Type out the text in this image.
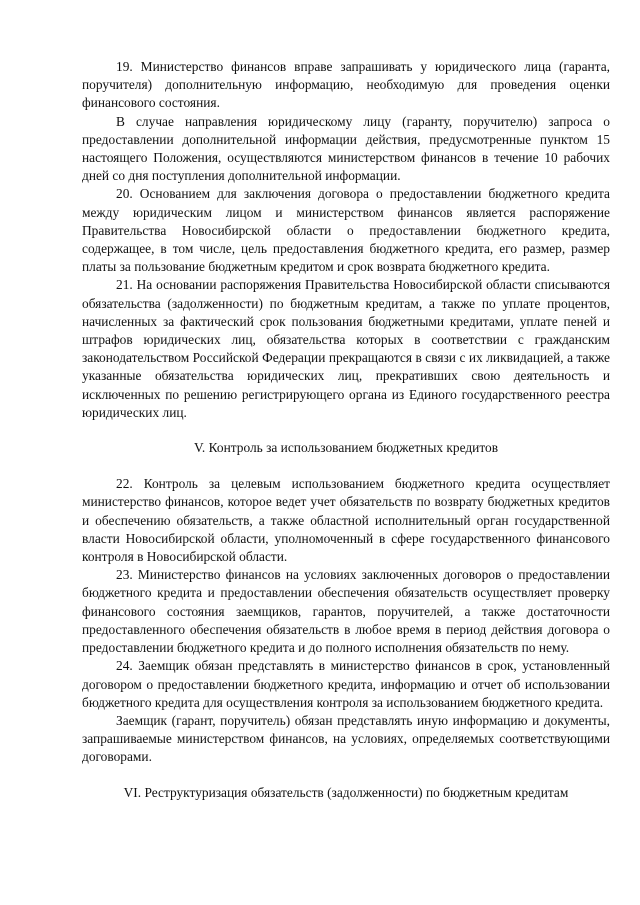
19. Министерство финансов вправе запрашивать у юридического лица (гаранта, поручителя) дополнительную информацию, необходимую для проведения оценки финансового состояния.

В случае направления юридическому лицу (гаранту, поручителю) запроса о предоставлении дополнительной информации действия, предусмотренные пунктом 15 настоящего Положения, осуществляются министерством финансов в течение 10 рабочих дней со дня поступления дополнительной информации.

20. Основанием для заключения договора о предоставлении бюджетного кредита между юридическим лицом и министерством финансов является распоряжение Правительства Новосибирской области о предоставлении бюджетного кредита, содержащее, в том числе, цель предоставления бюджетного кредита, его размер, размер платы за пользование бюджетным кредитом и срок возврата бюджетного кредита.

21. На основании распоряжения Правительства Новосибирской области списываются обязательства (задолженности) по бюджетным кредитам, а также по уплате процентов, начисленных за фактический срок пользования бюджетными кредитами, уплате пеней и штрафов юридических лиц, обязательства которых в соответствии с гражданским законодательством Российской Федерации прекращаются в связи с их ликвидацией, а также указанные обязательства юридических лиц, прекративших свою деятельность и исключенных по решению регистрирующего органа из Единого государственного реестра юридических лиц.

V. Контроль за использованием бюджетных кредитов

22. Контроль за целевым использованием бюджетного кредита осуществляет министерство финансов, которое ведет учет обязательств по возврату бюджетных кредитов и обеспечению обязательств, а также областной исполнительный орган государственной власти Новосибирской области, уполномоченный в сфере государственного финансового контроля в Новосибирской области.

23. Министерство финансов на условиях заключенных договоров о предоставлении бюджетного кредита и предоставлении обеспечения обязательств осуществляет проверку финансового состояния заемщиков, гарантов, поручителей, а также достаточности предоставленного обеспечения обязательств в любое время в период действия договора о предоставлении бюджетного кредита и до полного исполнения обязательств по нему.

24. Заемщик обязан представлять в министерство финансов в срок, установленный договором о предоставлении бюджетного кредита, информацию и отчет об использовании бюджетного кредита для осуществления контроля за использованием бюджетного кредита.

Заемщик (гарант, поручитель) обязан представлять иную информацию и документы, запрашиваемые министерством финансов, на условиях, определяемых соответствующими договорами.

VI. Реструктуризация обязательств (задолженности) по бюджетным кредитам
